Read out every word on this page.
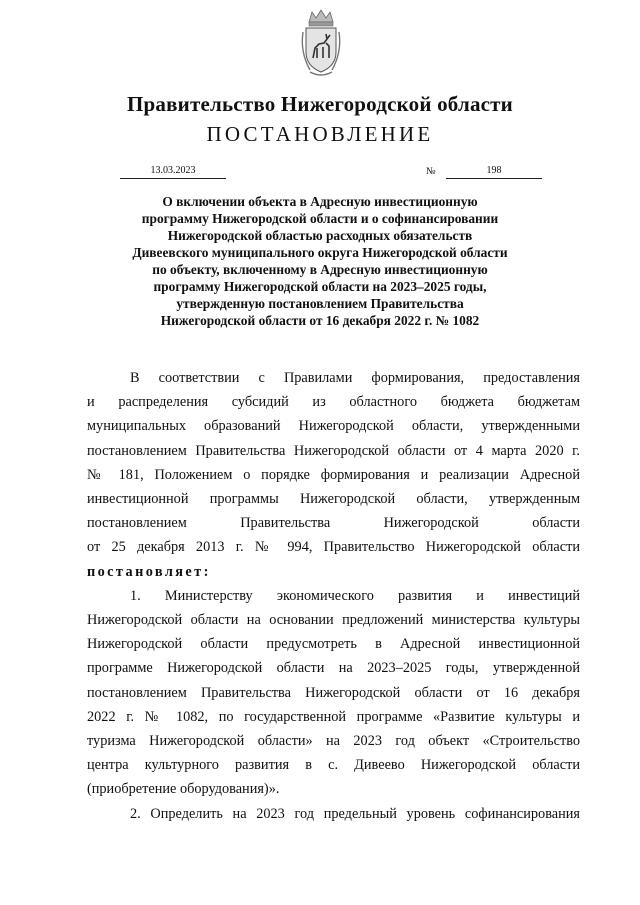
Правительство Нижегородской области
ПОСТАНОВЛЕНИЕ
13.03.2023	№	198
О включении объекта в Адресную инвестиционную
программу Нижегородской области и о софинансировании
Нижегородской областью расходных обязательств
Дивеевского муниципального округа Нижегородской области
по объекту, включенному в Адресную инвестиционную
программу Нижегородской области на 2023–2025 годы,
утвержденную постановлением Правительства
Нижегородской области от 16 декабря 2022 г. № 1082

В соответствии с Правилами формирования, предоставления

и распределения субсидий из областного бюджета бюджетам

муниципальных образований Нижегородской области, утвержденными

постановлением Правительства Нижегородской области от 4 марта 2020 г.

№ 181, Положением о порядке формирования и реализации Адресной

инвестиционной программы Нижегородской области, утвержденным

постановлением Правительства Нижегородской области

от 25 декабря 2013 г. № 994, Правительство Нижегородской области

постановляет:

1. Министерству экономического развития и инвестиций

Нижегородской области на основании предложений министерства культуры

Нижегородской области предусмотреть в Адресной инвестиционной

программе Нижегородской области на 2023–2025 годы, утвержденной

постановлением Правительства Нижегородской области от 16 декабря

2022 г. № 1082, по государственной программе «Развитие культуры и

туризма Нижегородской области» на 2023 год объект «Строительство

центра культурного развития в с. Дивеево Нижегородской области

(приобретение оборудования)».

2. Определить на 2023 год предельный уровень софинансирования
